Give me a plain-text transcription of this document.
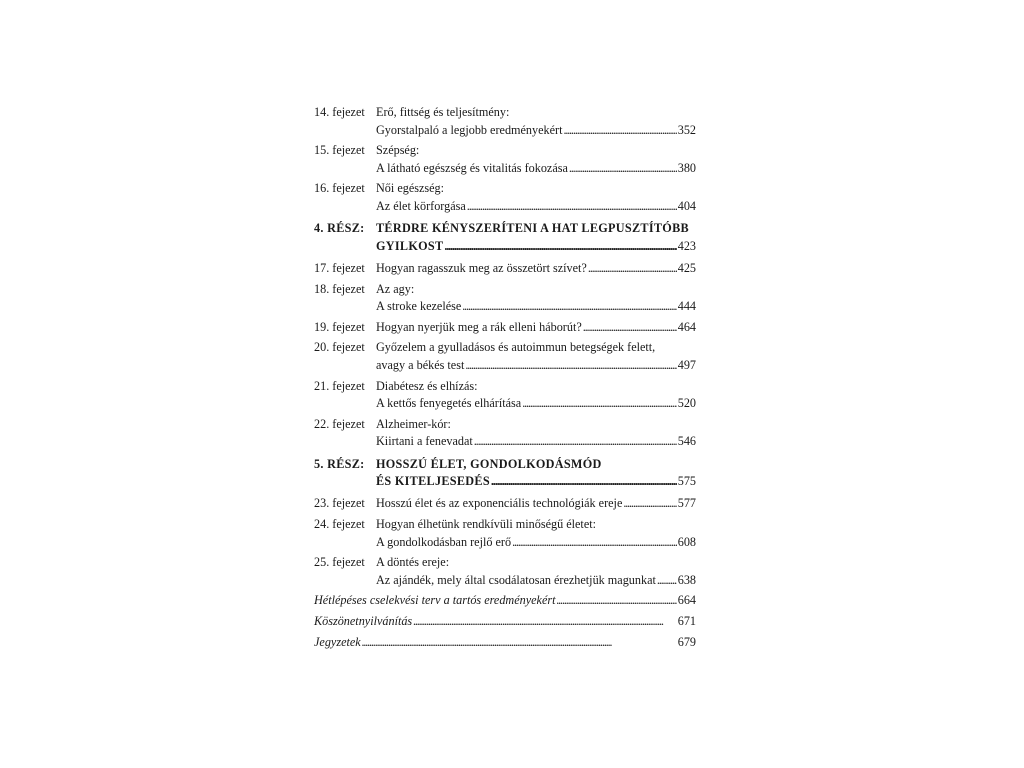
14. fejezet Erő, fittség és teljesítmény:
Gyorstalpaló a legjobb eredményekért . . .	352
15. fejezet Szépség:
A látható egészség és vitalitás fokozása . . .	380
16. fejezet Női egészség:
Az élet körforgása . . .	404
4. RÉSZ: TÉRDRE KÉNYSZERÍTENI A HAT LEGPUSZTÍTÓBB
GYILKOST . . .	423
17. fejezet Hogyan ragasszuk meg az összetört szívet? . . .	425
18. fejezet Az agy:
A stroke kezelése . . .	444
19. fejezet Hogyan nyerjük meg a rák elleni háborút? . . .	464
20. fejezet Győzelem a gyulladásos és autoimmun betegségek felett,
avagy a békés test . . .	497
21. fejezet Diabétesz és elhízás:
A kettős fenyegetés elhárítása . . .	520
22. fejezet Alzheimer-kór:
Kiirtani a fenevadat . . .	546
5. RÉSZ: HOSSZÚ ÉLET, GONDOLKODÁSMÓD
ÉS KITELJESEDÉS . . .	575
23. fejezet Hosszú élet és az exponenciális technológiák ereje . . .	577
24. fejezet Hogyan élhetünk rendkívüli minőségű életet:
A gondolkodásban rejlő erő . . .	608
25. fejezet A döntés ereje:
Az ajándék, mely által csodálatosan érezhetjük magunkat . . . 638
Hétlépéses cselekvési terv a tartós eredményekért . . .	664
Köszönetnyilvánítás . . .	671
Jegyzetek . . .	679
